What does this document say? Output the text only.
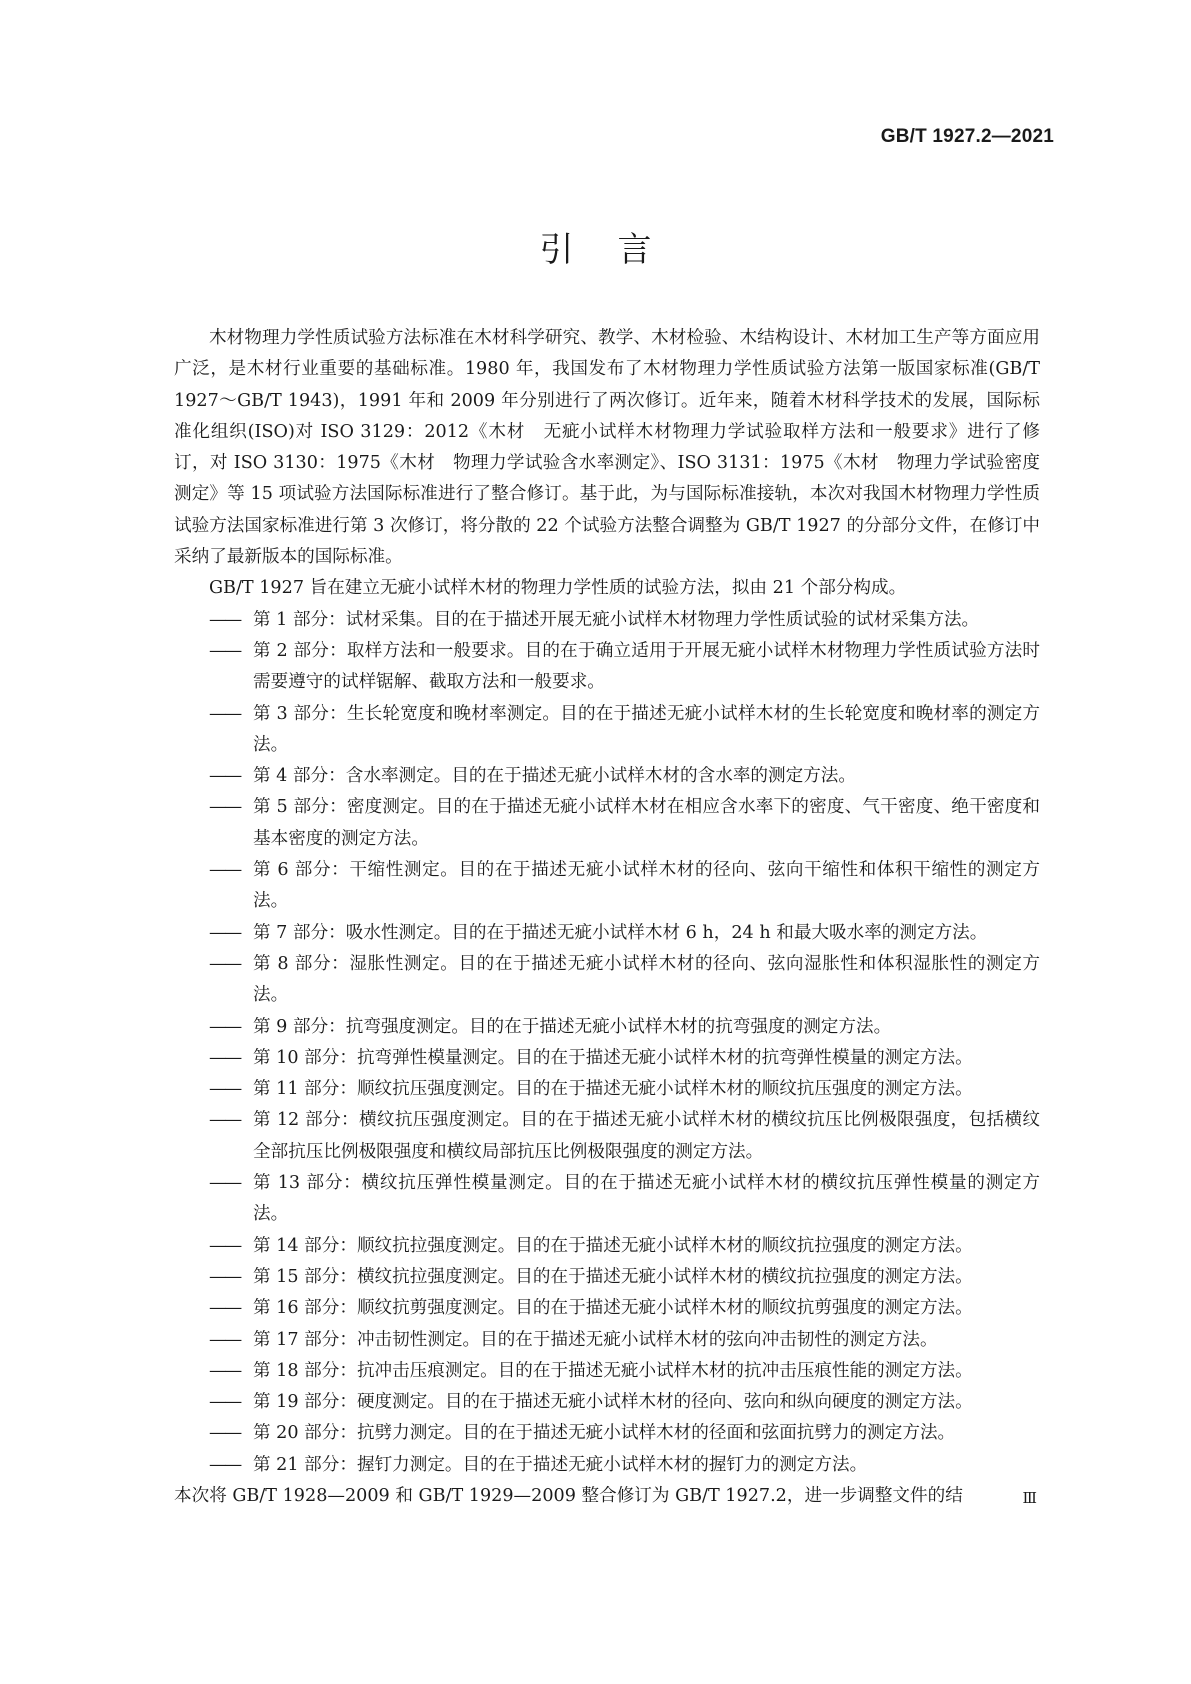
GB/T 1927.2—2021
引言

木材物理力学性质试验方法标准在木材科学研究、教学、木材检验、木结构设计、木材加工生产等方面应用广泛，是木材行业重要的基础标准。1980 年，我国发布了木材物理力学性质试验方法第一版国家标准(GB/T 1927～GB/T 1943)，1991 年和 2009 年分别进行了两次修订。近年来，随着木材科学技术的发展，国际标准化组织(ISO)对 ISO 3129：2012《木材　无疵小试样木材物理力学试验取样方法和一般要求》进行了修订，对 ISO 3130：1975《木材　物理力学试验含水率测定》、ISO 3131：1975《木材　物理力学试验密度测定》等 15 项试验方法国际标准进行了整合修订。基于此，为与国际标准接轨，本次对我国木材物理力学性质试验方法国家标准进行第 3 次修订，将分散的 22 个试验方法整合调整为 GB/T 1927 的分部分文件，在修订中采纳了最新版本的国际标准。

GB/T 1927 旨在建立无疵小试样木材的物理力学性质的试验方法，拟由 21 个部分构成。

—— 第 1 部分：试材采集。目的在于描述开展无疵小试样木材物理力学性质试验的试材采集方法。
—— 第 2 部分：取样方法和一般要求。目的在于确立适用于开展无疵小试样木材物理力学性质试验方法时需要遵守的试样锯解、截取方法和一般要求。
—— 第 3 部分：生长轮宽度和晚材率测定。目的在于描述无疵小试样木材的生长轮宽度和晚材率的测定方法。
—— 第 4 部分：含水率测定。目的在于描述无疵小试样木材的含水率的测定方法。
—— 第 5 部分：密度测定。目的在于描述无疵小试样木材在相应含水率下的密度、气干密度、绝干密度和基本密度的测定方法。
—— 第 6 部分：干缩性测定。目的在于描述无疵小试样木材的径向、弦向干缩性和体积干缩性的测定方法。
—— 第 7 部分：吸水性测定。目的在于描述无疵小试样木材 6 h，24 h 和最大吸水率的测定方法。
—— 第 8 部分：湿胀性测定。目的在于描述无疵小试样木材的径向、弦向湿胀性和体积湿胀性的测定方法。
—— 第 9 部分：抗弯强度测定。目的在于描述无疵小试样木材的抗弯强度的测定方法。
—— 第 10 部分：抗弯弹性模量测定。目的在于描述无疵小试样木材的抗弯弹性模量的测定方法。
—— 第 11 部分：顺纹抗压强度测定。目的在于描述无疵小试样木材的顺纹抗压强度的测定方法。
—— 第 12 部分：横纹抗压强度测定。目的在于描述无疵小试样木材的横纹抗压比例极限强度，包括横纹全部抗压比例极限强度和横纹局部抗压比例极限强度的测定方法。
—— 第 13 部分：横纹抗压弹性模量测定。目的在于描述无疵小试样木材的横纹抗压弹性模量的测定方法。
—— 第 14 部分：顺纹抗拉强度测定。目的在于描述无疵小试样木材的顺纹抗拉强度的测定方法。
—— 第 15 部分：横纹抗拉强度测定。目的在于描述无疵小试样木材的横纹抗拉强度的测定方法。
—— 第 16 部分：顺纹抗剪强度测定。目的在于描述无疵小试样木材的顺纹抗剪强度的测定方法。
—— 第 17 部分：冲击韧性测定。目的在于描述无疵小试样木材的弦向冲击韧性的测定方法。
—— 第 18 部分：抗冲击压痕测定。目的在于描述无疵小试样木材的抗冲击压痕性能的测定方法。
—— 第 19 部分：硬度测定。目的在于描述无疵小试样木材的径向、弦向和纵向硬度的测定方法。
—— 第 20 部分：抗劈力测定。目的在于描述无疵小试样木材的径面和弦面抗劈力的测定方法。
—— 第 21 部分：握钉力测定。目的在于描述无疵小试样木材的握钉力的测定方法。

本次将 GB/T 1928—2009 和 GB/T 1929—2009 整合修订为 GB/T 1927.2，进一步调整文件的结	Ⅲ
